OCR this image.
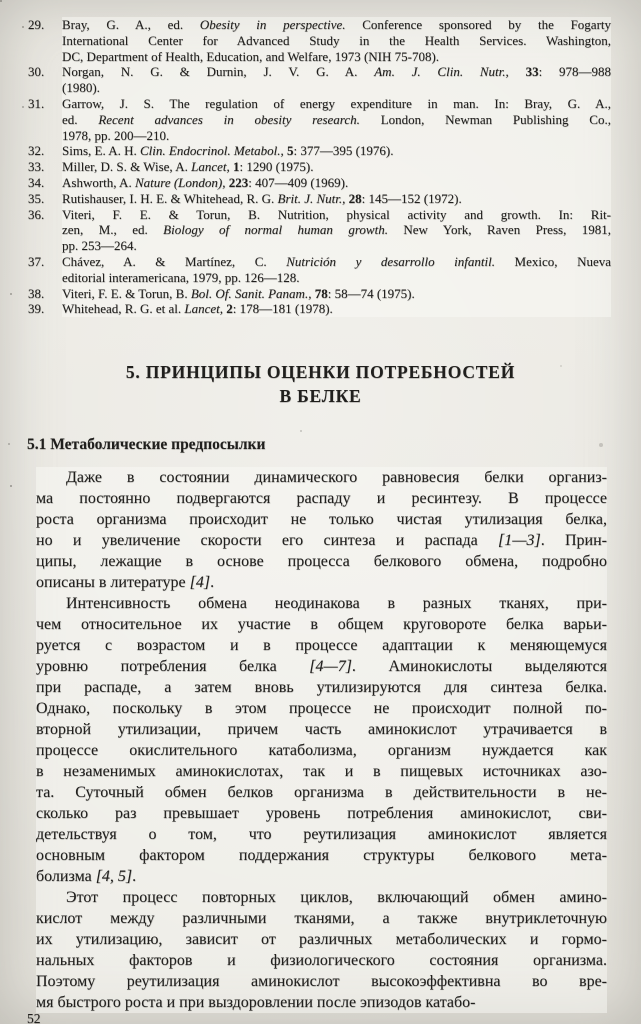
29.	Bray, G. A., ed. Obesity in perspective. Conference sponsored by the Fogarty
International Center for Advanced Study in the Health Services. Washington,
DC, Department of Health, Education, and Welfare, 1973 (NIH 75-708).
30.	Norgan, N. G. & Durnin, J. V. G. A. Am. J. Clin. Nutr., 33: 978—988
(1980).
31.	Garrow, J. S. The regulation of energy expenditure in man. In: Bray, G. A.,
ed. Recent advances in obesity research. London, Newman Publishing Co.,
1978, pp. 200—210.
32.	Sims, E. A. H. Clin. Endocrinol. Metabol., 5: 377—395 (1976).
33.	Miller, D. S. & Wise, A. Lancet, 1: 1290 (1975).
34.	Ashworth, A. Nature (London), 223: 407—409 (1969).
35.	Rutishauser, I. H. E. & Whitehead, R. G. Brit. J. Nutr., 28: 145—152 (1972).
36.	Viteri, F. E. & Torun, B. Nutrition, physical activity and growth. In: Rit-
zen, M., ed. Biology of normal human growth. New York, Raven Press, 1981,
pp. 253—264.
37.	Chávez, A. & Martínez, C. Nutrición y desarrollo infantil. Mexico, Nueva
editorial interamericana, 1979, pp. 126—128.
38.	Viteri, F. E. & Torun, B. Bol. Of. Sanit. Panam., 78: 58—74 (1975).
39.	Whitehead, R. G. et al. Lancet, 2: 178—181 (1978).
5. ПРИНЦИПЫ ОЦЕНКИ ПОТРЕБНОСТЕЙ
В БЕЛКЕ
5.1 Метаболические предпосылки
Даже в состоянии динамического равновесия белки организ-
ма постоянно подвергаются распаду и ресинтезу. В процессе
роста организма происходит не только чистая утилизация белка,
но и увеличение скорости его синтеза и распада [1—3]. Прин-
ципы, лежащие в основе процесса белкового обмена, подробно
описаны в литературе [4].
Интенсивность обмена неодинакова в разных тканях, при-
чем относительное их участие в общем круговороте белка варьи-
руется с возрастом и в процессе адаптации к меняющемуся
уровню потребления белка [4—7]. Аминокислоты выделяются
при распаде, а затем вновь утилизируются для синтеза белка.
Однако, поскольку в этом процессе не происходит полной по-
вторной утилизации, причем часть аминокислот утрачивается в
процессе окислительного катаболизма, организм нуждается как
в незаменимых аминокислотах, так и в пищевых источниках азо-
та. Суточный обмен белков организма в действительности в не-
сколько раз превышает уровень потребления аминокислот, сви-
детельствуя о том, что реутилизация аминокислот является
основным фактором поддержания структуры белкового мета-
болизма [4, 5].
Этот процесс повторных циклов, включающий обмен амино-
кислот между различными тканями, а также внутриклеточную
их утилизацию, зависит от различных метаболических и гормо-
нальных факторов и физиологического состояния организма.
Поэтому реутилизация аминокислот высокоэффективна во вре-
мя быстрого роста и при выздоровлении после эпизодов катабо-
52
